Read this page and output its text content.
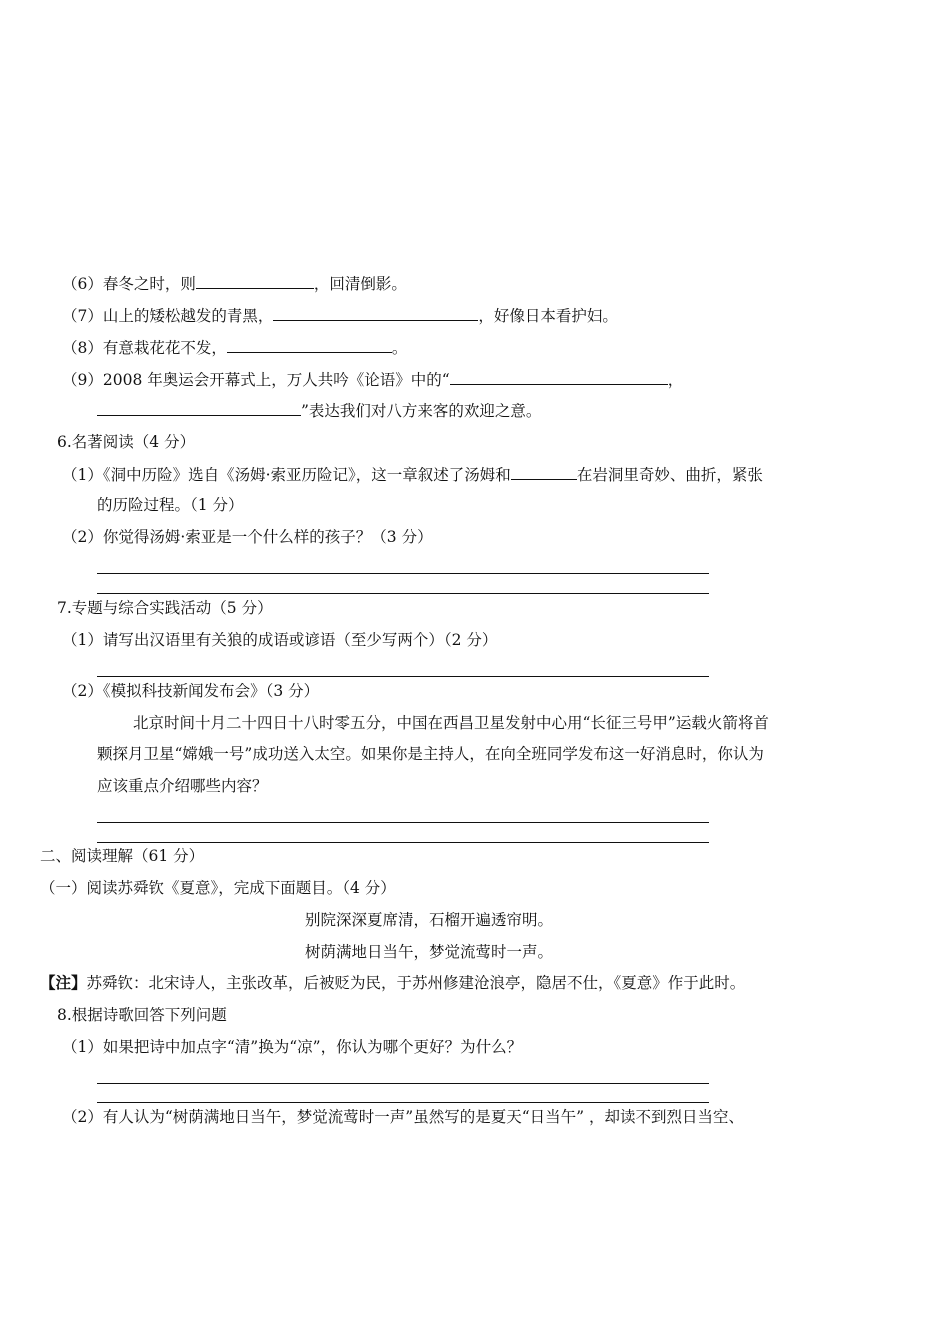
（6）春冬之时，则	，回清倒影。
（7）山上的矮松越发的青黑，	，好像日本看护妇。
（8）有意栽花花不发，	。
（9）2008 年奥运会开幕式上，万人共吟《论语》中的“	，
”表达我们对八方来客的欢迎之意。
6.名著阅读（4 分）
（1）《洞中历险》选自《汤姆·索亚历险记》，这一章叙述了汤姆和	在岩洞里奇妙、曲折，紧张
的历险过程。（1 分）
（2）你觉得汤姆·索亚是一个什么样的孩子？（3 分）
7.专题与综合实践活动（5 分）
（1）请写出汉语里有关狼的成语或谚语（至少写两个）（2 分）
（2）《模拟科技新闻发布会》（3 分）
北京时间十月二十四日十八时零五分，中国在西昌卫星发射中心用“长征三号甲”运载火箭将首
颗探月卫星“嫦娥一号”成功送入太空。如果你是主持人，在向全班同学发布这一好消息时，你认为
应该重点介绍哪些内容？
二、阅读理解（61 分）
（一）阅读苏舜钦《夏意》，完成下面题目。（4 分）
别院深深夏席清，石榴开遍透帘明。
树荫满地日当午，梦觉流莺时一声。
【注】苏舜钦：北宋诗人，主张改革，后被贬为民，于苏州修建沧浪亭，隐居不仕，《夏意》作于此时。
8.根据诗歌回答下列问题
（1）如果把诗中加点字“清”换为“凉”，你认为哪个更好？为什么？
（2）有人认为“树荫满地日当午，梦觉流莺时一声”虽然写的是夏天“日当午” ，却读不到烈日当空、
